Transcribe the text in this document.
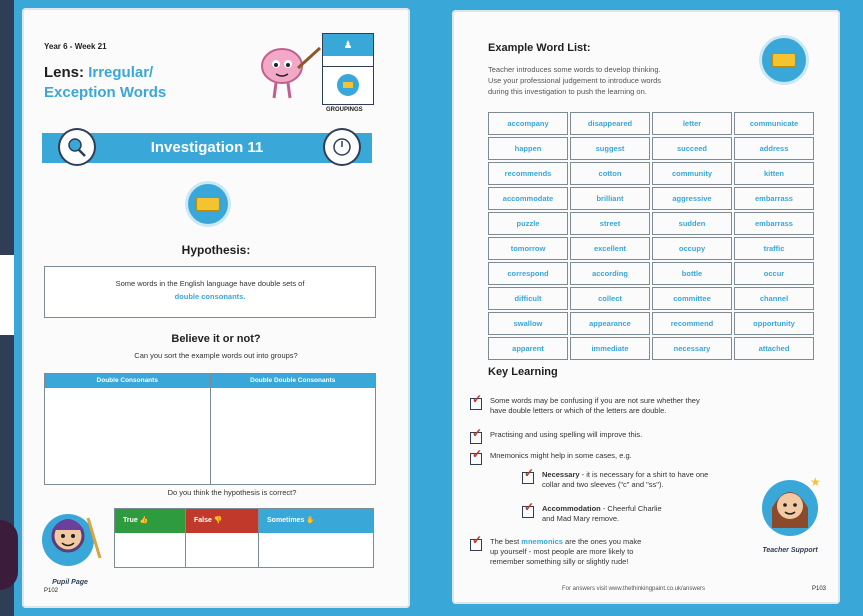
Year 6 - Week 21
Lens: Irregular/
Exception Words
♟
GROUPINGS
Investigation 11
Hypothesis:
Some words in the English language have double sets of
double consonants.
Believe it or not?
Can you sort the example words out into groups?
Double Consonants	Double Double Consonants
Do you think the hypothesis is correct?
True 👍	False 👎	Sometimes ✋
Pupil Page
P102
Example Word List:
Teacher introduces some words to develop thinking.
Use your professional judgement to introduce words
during this investigation to push the learning on.
accompany	disappeared	letter	communicate
happen	suggest	succeed	address
recommends	cotton	community	kitten
accommodate	brilliant	aggressive	embarrass
puzzle	street	sudden	embarrass
tomorrow	excellent	occupy	traffic
correspond	according	bottle	occur
difficult	collect	committee	channel
swallow	appearance	recommend	opportunity
apparent	immediate	necessary	attached
Key Learning
✓
Some words may be confusing if you are not sure whether they
have double letters or which of the letters are double.
✓
Practising and using spelling will improve this.
✓
Mnemonics might help in some cases, e.g.
✓
Necessary - it is necessary for a shirt to have one
collar and two sleeves ("c" and "ss").
✓
Accommodation - Cheerful Charlie
and Mad Mary remove.
✓
The best mnemonics are the ones you make
up yourself - most people are more likely to
remember something silly or slightly rude!
★
Teacher Support
For answers visit www.thethinkingpaint.co.uk/answers	P103
